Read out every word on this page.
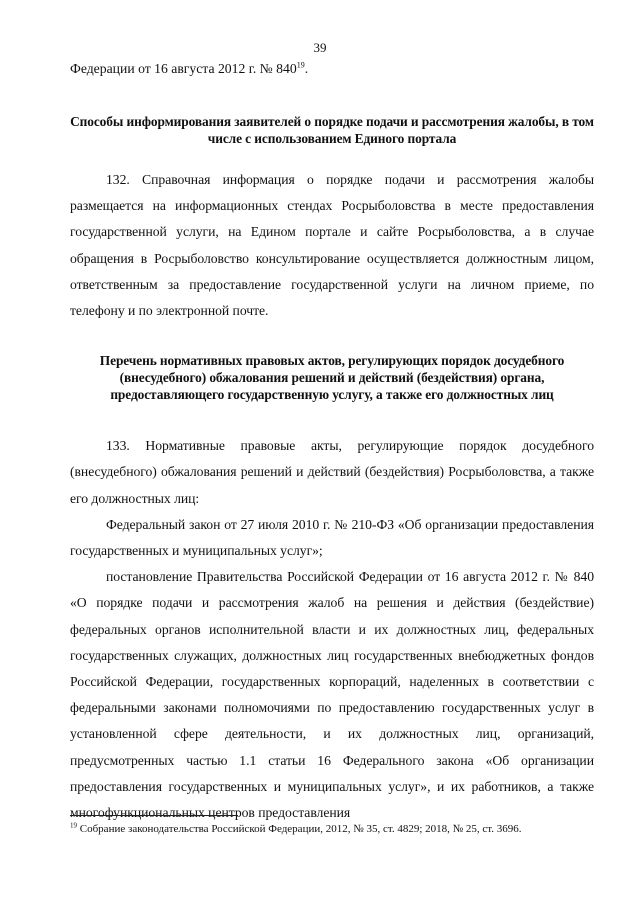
39

Федерации от 16 августа 2012 г. № $840^{19}$.

Способы информирования заявителей о порядке подачи и рассмотрения жалобы, в том числе с использованием Единого портала

132. Справочная информация о порядке подачи и рассмотрения жалобы размещается на информационных стендах Росрыболовства в месте предоставления государственной услуги, на Едином портале и сайте Росрыболовства, а в случае обращения в Росрыболовство консультирование осуществляется должностным лицом, ответственным за предоставление государственной услуги на личном приеме, по телефону и по электронной почте.

Перечень нормативных правовых актов, регулирующих порядок досудебного (внесудебного) обжалования решений и действий (бездействия) органа, предоставляющего государственную услугу, а также его должностных лиц

133. Нормативные правовые акты, регулирующие порядок досудебного (внесудебного) обжалования решений и действий (бездействия) Росрыболовства, а также его должностных лиц:

Федеральный закон от 27 июля 2010 г. № 210-ФЗ «Об организации предоставления государственных и муниципальных услуг»;

постановление Правительства Российской Федерации от 16 августа 2012 г. № 840 «О порядке подачи и рассмотрения жалоб на решения и действия (бездействие) федеральных органов исполнительной власти и их должностных лиц, федеральных государственных служащих, должностных лиц государственных внебюджетных фондов Российской Федерации, государственных корпораций, наделенных в соответствии с федеральными законами полномочиями по предоставлению государственных услуг в установленной сфере деятельности, и их должностных лиц, организаций, предусмотренных частью 1.1 статьи 16 Федерального закона «Об организации предоставления государственных и муниципальных услуг», и их работников, а также многофункциональных центров предоставления

$^{19}$ Собрание законодательства Российской Федерации, 2012, № 35, ст. 4829; 2018, № 25, ст. 3696.
